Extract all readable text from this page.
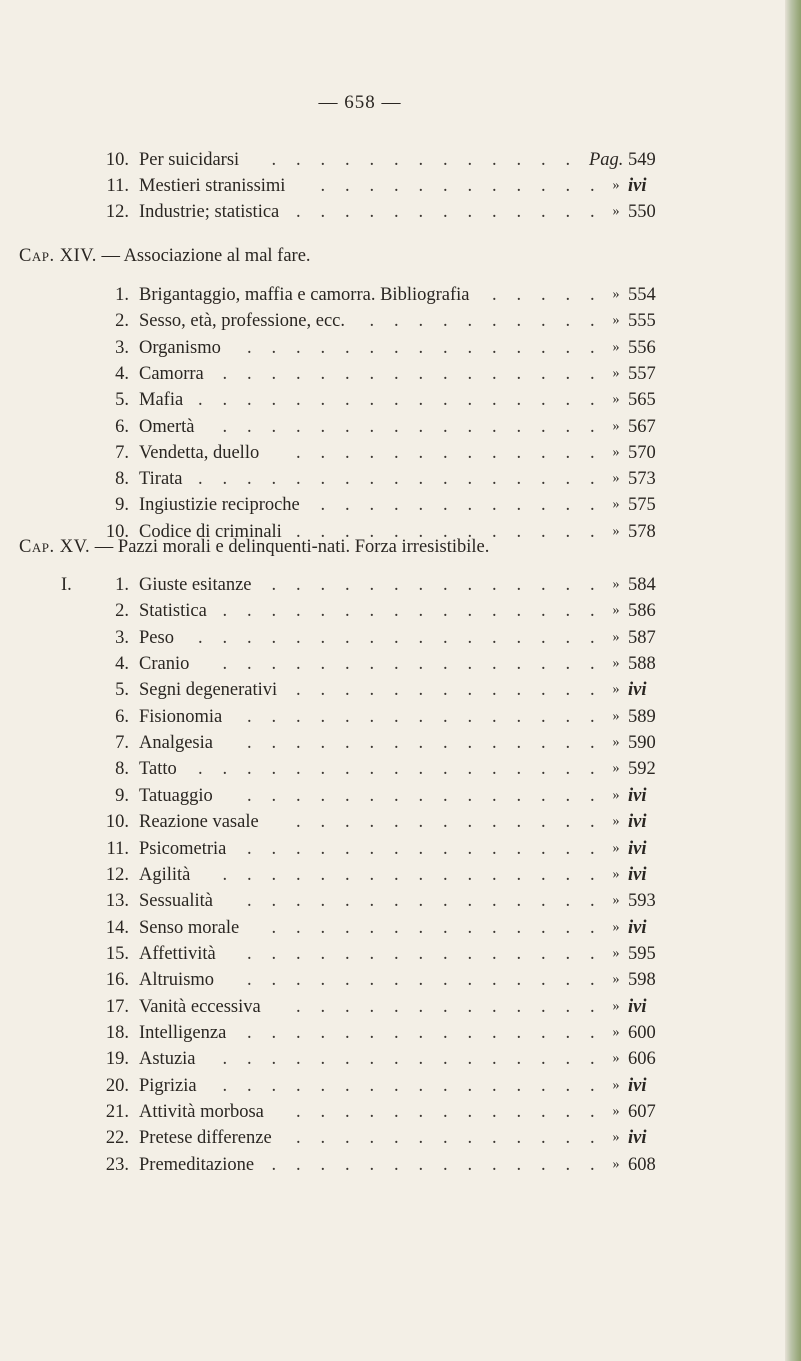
— 658 —
10. Per suicidarsi . . . . . . . . . . . . . Pag. 549
11. Mestieri stranissimi . . . . . . . . . . . .	» ivi
12. Industrie; statistica . . . . . . . . . . . . .	» 550
Cap. XIV. — Associazione al mal fare.
1. Brigantaggio, maffia e camorra. Bibliografia . . . . .	» 554
2. Sesso, età, professione, ecc. . . . . . . . . . .	» 555
3. Organismo . . . . . . . . . . . . . . .	» 556
4. Camorra . . . . . . . . . . . . . . . .	» 557
5. Mafia . . . . . . . . . . . . . . . . .	» 565
6. Omertà . . . . . . . . . . . . . . . .	» 567
7. Vendetta, duello . . . . . . . . . . . . .	» 570
8. Tirata . . . . . . . . . . . . . . . . .	» 573
9. Ingiustizie reciproche . . . . . . . . . . . .	» 575
10. Codice di criminali . . . . . . . . . . . . .	» 578
Cap. XV. — Pazzi morali e delinquenti-nati. Forza irresistibile.
I.	1. Giuste esitanze . . . . . . . . . . . . . .	» 584
2. Statistica . . . . . . . . . . . . . . . .	» 586
3. Peso . . . . . . . . . . . . . . . . .	» 587
4. Cranio . . . . . . . . . . . . . . . .	» 588
5. Segni degenerativi . . . . . . . . . . . . .	» ivi
6. Fisionomia . . . . . . . . . . . . . . .	» 589
7. Analgesia . . . . . . . . . . . . . . .	» 590
8. Tatto . . . . . . . . . . . . . . . . .	» 592
9. Tatuaggio . . . . . . . . . . . . . . .	» ivi
10. Reazione vasale . . . . . . . . . . . . .	» ivi
11. Psicometria . . . . . . . . . . . . . . .	» ivi
12. Agilità . . . . . . . . . . . . . . . .	» ivi
13. Sessualità . . . . . . . . . . . . . . .	» 593
14. Senso morale . . . . . . . . . . . . . .	» ivi
15. Affettività . . . . . . . . . . . . . . .	» 595
16. Altruismo . . . . . . . . . . . . . . .	» 598
17. Vanità eccessiva . . . . . . . . . . . . .	» ivi
18. Intelligenza . . . . . . . . . . . . . . .	» 600
19. Astuzia . . . . . . . . . . . . . . . .	» 606
20. Pigrizia . . . . . . . . . . . . . . . .	» ivi
21. Attività morbosa . . . . . . . . . . . . .	» 607
22. Pretese differenze . . . . . . . . . . . . .	» ivi
23. Premeditazione . . . . . . . . . . . . . .	» 608
